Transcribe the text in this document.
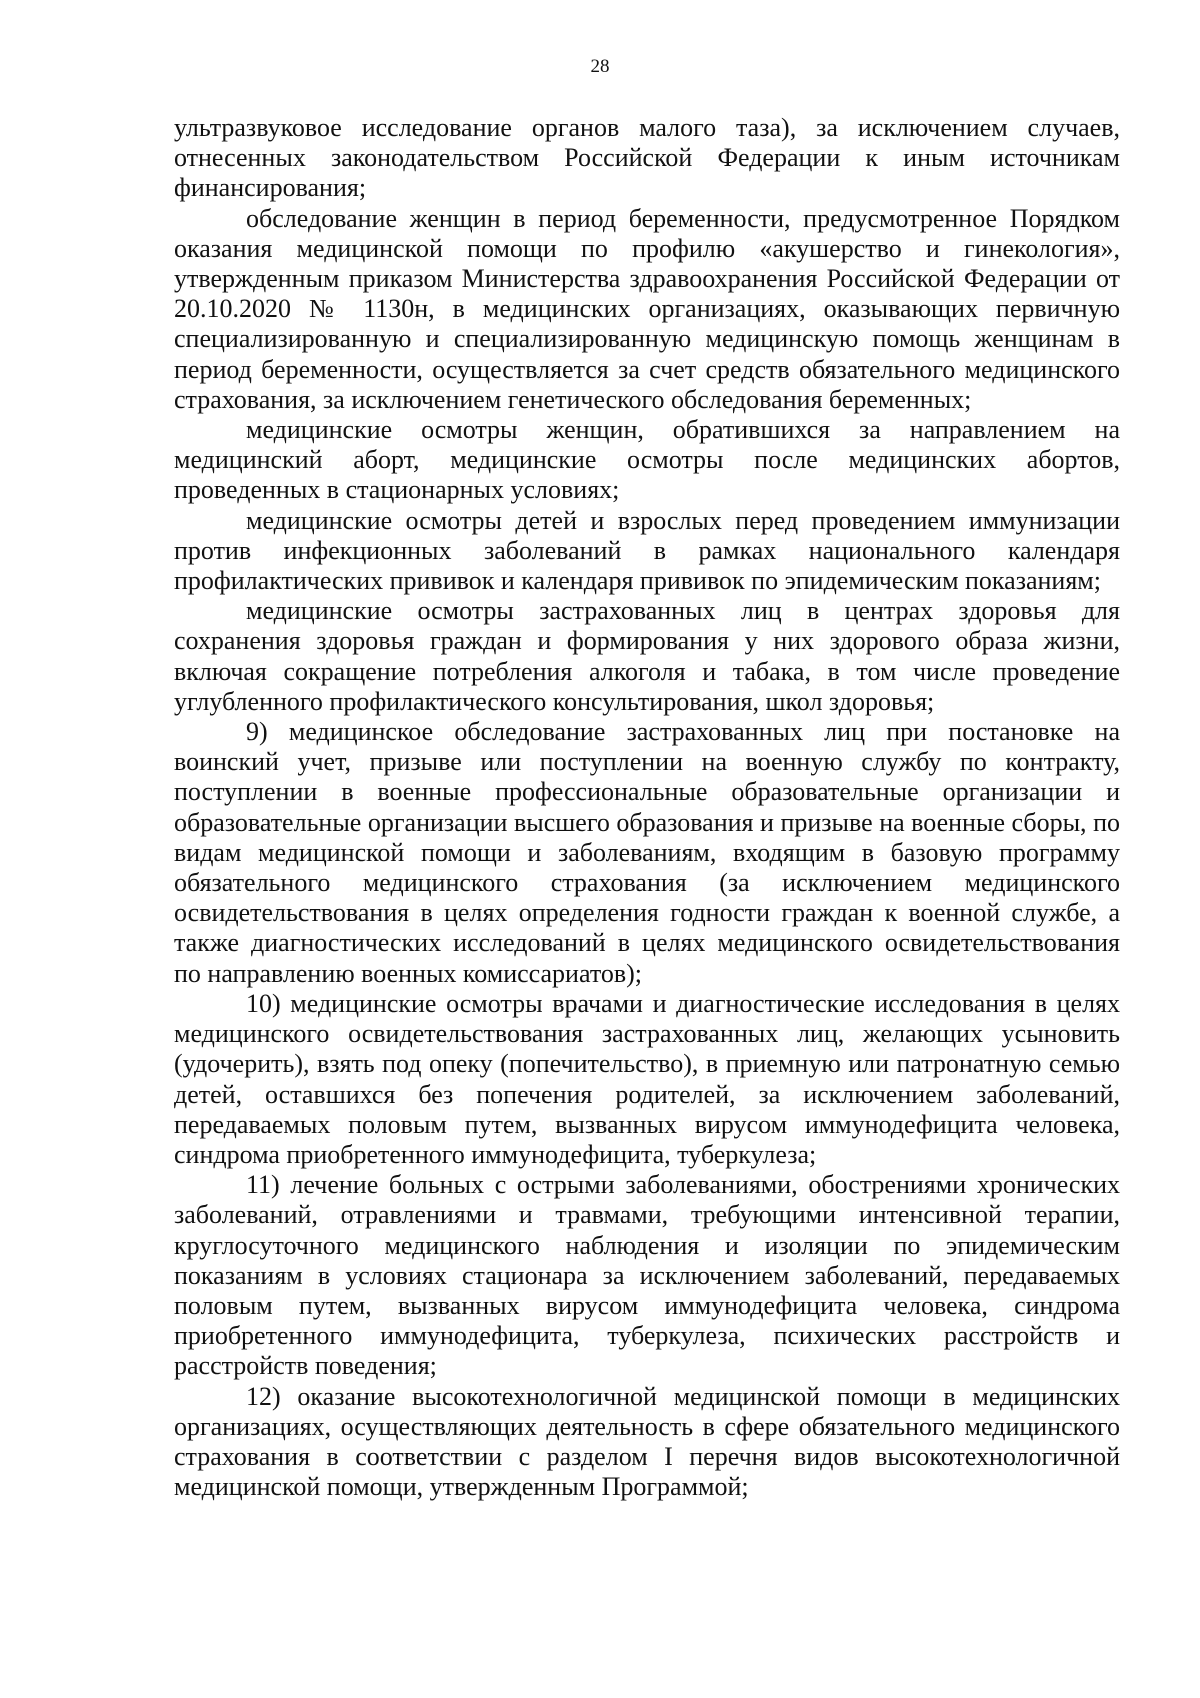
28

ультразвуковое исследование органов малого таза), за исключением случаев, отнесенных законодательством Российской Федерации к иным источникам финансирования;

обследование женщин в период беременности, предусмотренное Порядком оказания медицинской помощи по профилю «акушерство и гинекология», утвержденным приказом Министерства здравоохранения Российской Федерации от 20.10.2020 № 1130н, в медицинских организациях, оказывающих первичную специализированную и специализированную медицинскую помощь женщинам в период беременности, осуществляется за счет средств обязательного медицинского страхования, за исключением генетического обследования беременных;

медицинские осмотры женщин, обратившихся за направлением на медицинский аборт, медицинские осмотры после медицинских абортов, проведенных в стационарных условиях;

медицинские осмотры детей и взрослых перед проведением иммунизации против инфекционных заболеваний в рамках национального календаря профилактических прививок и календаря прививок по эпидемическим показаниям;

медицинские осмотры застрахованных лиц в центрах здоровья для сохранения здоровья граждан и формирования у них здорового образа жизни, включая сокращение потребления алкоголя и табака, в том числе проведение углубленного профилактического консультирования, школ здоровья;

9) медицинское обследование застрахованных лиц при постановке на воинский учет, призыве или поступлении на военную службу по контракту, поступлении в военные профессиональные образовательные организации и образовательные организации высшего образования и призыве на военные сборы, по видам медицинской помощи и заболеваниям, входящим в базовую программу обязательного медицинского страхования (за исключением медицинского освидетельствования в целях определения годности граждан к военной службе, а также диагностических исследований в целях медицинского освидетельствования по направлению военных комиссариатов);

10) медицинские осмотры врачами и диагностические исследования в целях медицинского освидетельствования застрахованных лиц, желающих усыновить (удочерить), взять под опеку (попечительство), в приемную или патронатную семью детей, оставшихся без попечения родителей, за исключением заболеваний, передаваемых половым путем, вызванных вирусом иммунодефицита человека, синдрома приобретенного иммунодефицита, туберкулеза;

11) лечение больных с острыми заболеваниями, обострениями хронических заболеваний, отравлениями и травмами, требующими интенсивной терапии, круглосуточного медицинского наблюдения и изоляции по эпидемическим показаниям в условиях стационара за исключением заболеваний, передаваемых половым путем, вызванных вирусом иммунодефицита человека, синдрома приобретенного иммунодефицита, туберкулеза, психических расстройств и расстройств поведения;

12) оказание высокотехнологичной медицинской помощи в медицинских организациях, осуществляющих деятельность в сфере обязательного медицинского страхования в соответствии с разделом I перечня видов высокотехнологичной медицинской помощи, утвержденным Программой;
